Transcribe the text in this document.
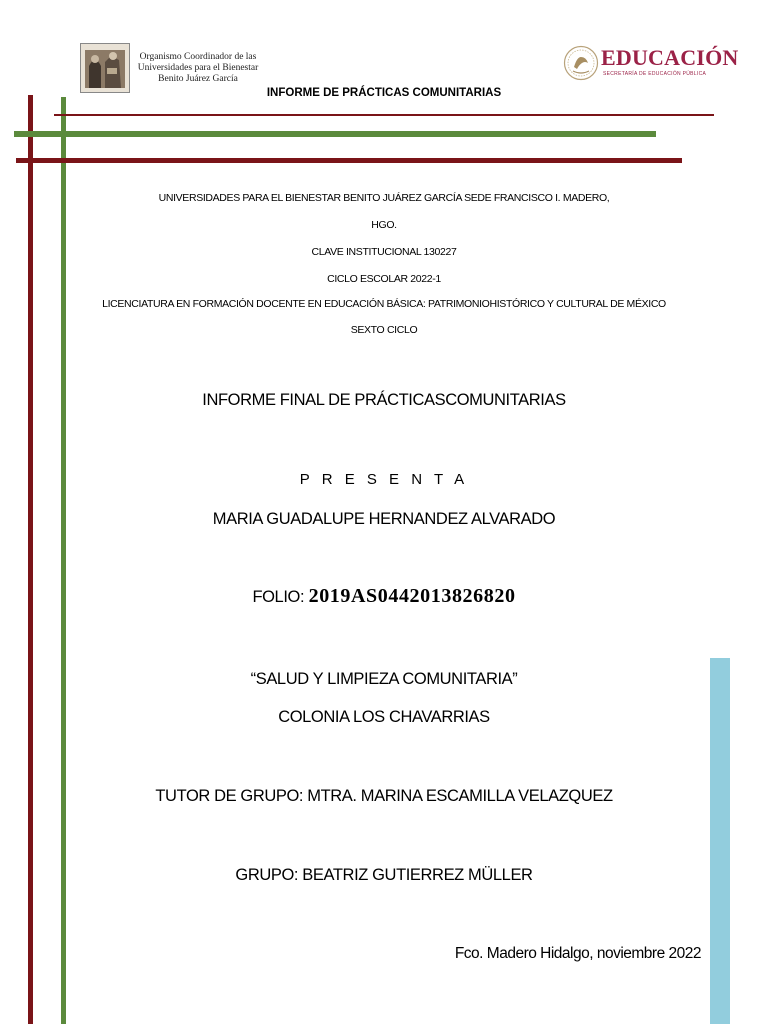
Organismo Coordinador de las
Universidades para el Bienestar
Benito Juárez García
EDUCACIÓN
SECRETARÍA DE EDUCACIÓN PÚBLICA
INFORME DE PRÁCTICAS COMUNITARIAS
UNIVERSIDADES PARA EL BIENESTAR BENITO JUÁREZ GARCÍA SEDE FRANCISCO I. MADERO,
HGO.
CLAVE INSTITUCIONAL 130227
CICLO ESCOLAR 2022-1
LICENCIATURA EN FORMACIÓN DOCENTE EN EDUCACIÓN BÁSICA: PATRIMONIOHISTÓRICO Y CULTURAL DE MÉXICO
SEXTO CICLO
INFORME FINAL DE PRÁCTICASCOMUNITARIAS
P R E S E N T A
MARIA GUADALUPE HERNANDEZ ALVARADO
FOLIO: 2019AS0442013826820
“SALUD Y LIMPIEZA COMUNITARIA”
COLONIA LOS CHAVARRIAS
TUTOR DE GRUPO: MTRA. MARINA ESCAMILLA VELAZQUEZ
GRUPO: BEATRIZ GUTIERREZ MÜLLER
Fco. Madero Hidalgo, noviembre 2022
